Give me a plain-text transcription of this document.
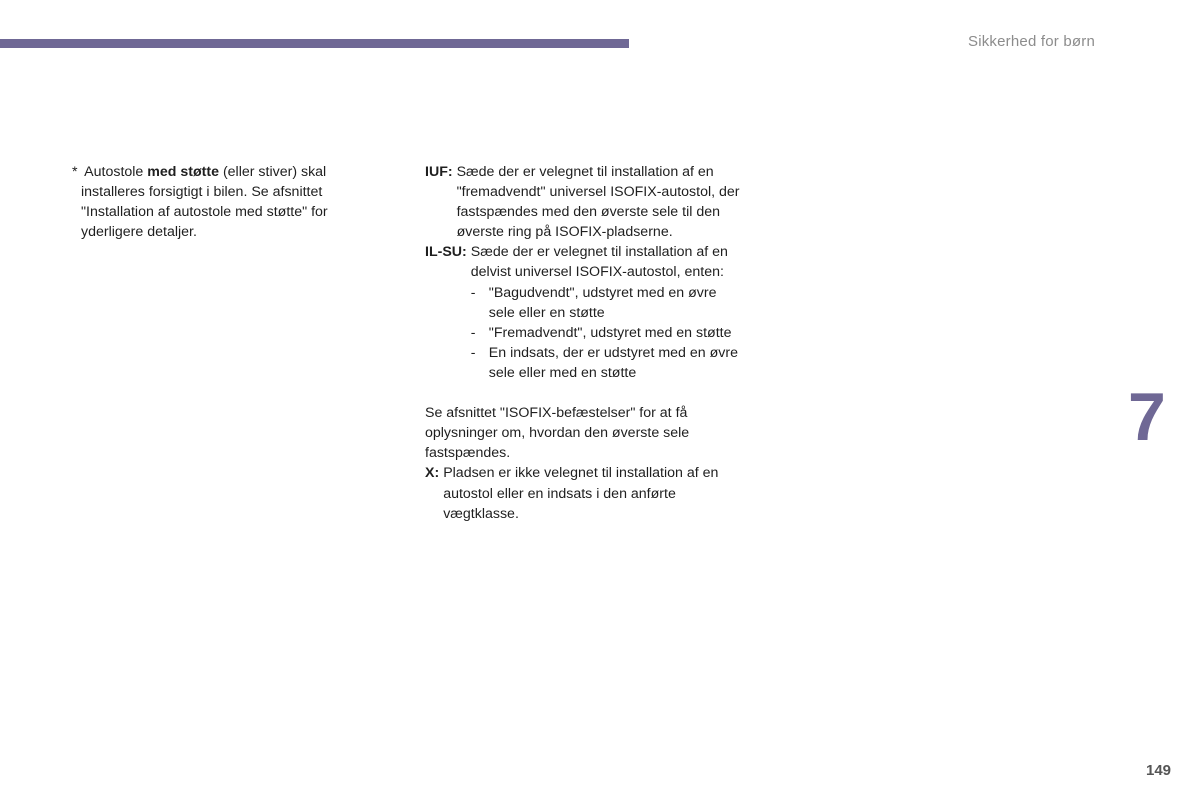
Sikkerhed for børn
* Autostole med støtte (eller stiver) skal installeres forsigtigt i bilen. Se afsnittet "Installation af autostole med støtte" for yderligere detaljer.
IUF: Sæde der er velegnet til installation af en "fremadvendt" universel ISOFIX-autostol, der fastspændes med den øverste sele til den øverste ring på ISOFIX-pladserne.
IL-SU: Sæde der er velegnet til installation af en delvist universel ISOFIX-autostol, enten:
- "Bagudvendt", udstyret med en øvre sele eller en støtte
- "Fremadvendt", udstyret med en støtte
- En indsats, der er udstyret med en øvre sele eller med en støtte
Se afsnittet "ISOFIX-befæstelser" for at få oplysninger om, hvordan den øverste sele fastspændes.
X: Pladsen er ikke velegnet til installation af en autostol eller en indsats i den anførte vægtklasse.
7
149
